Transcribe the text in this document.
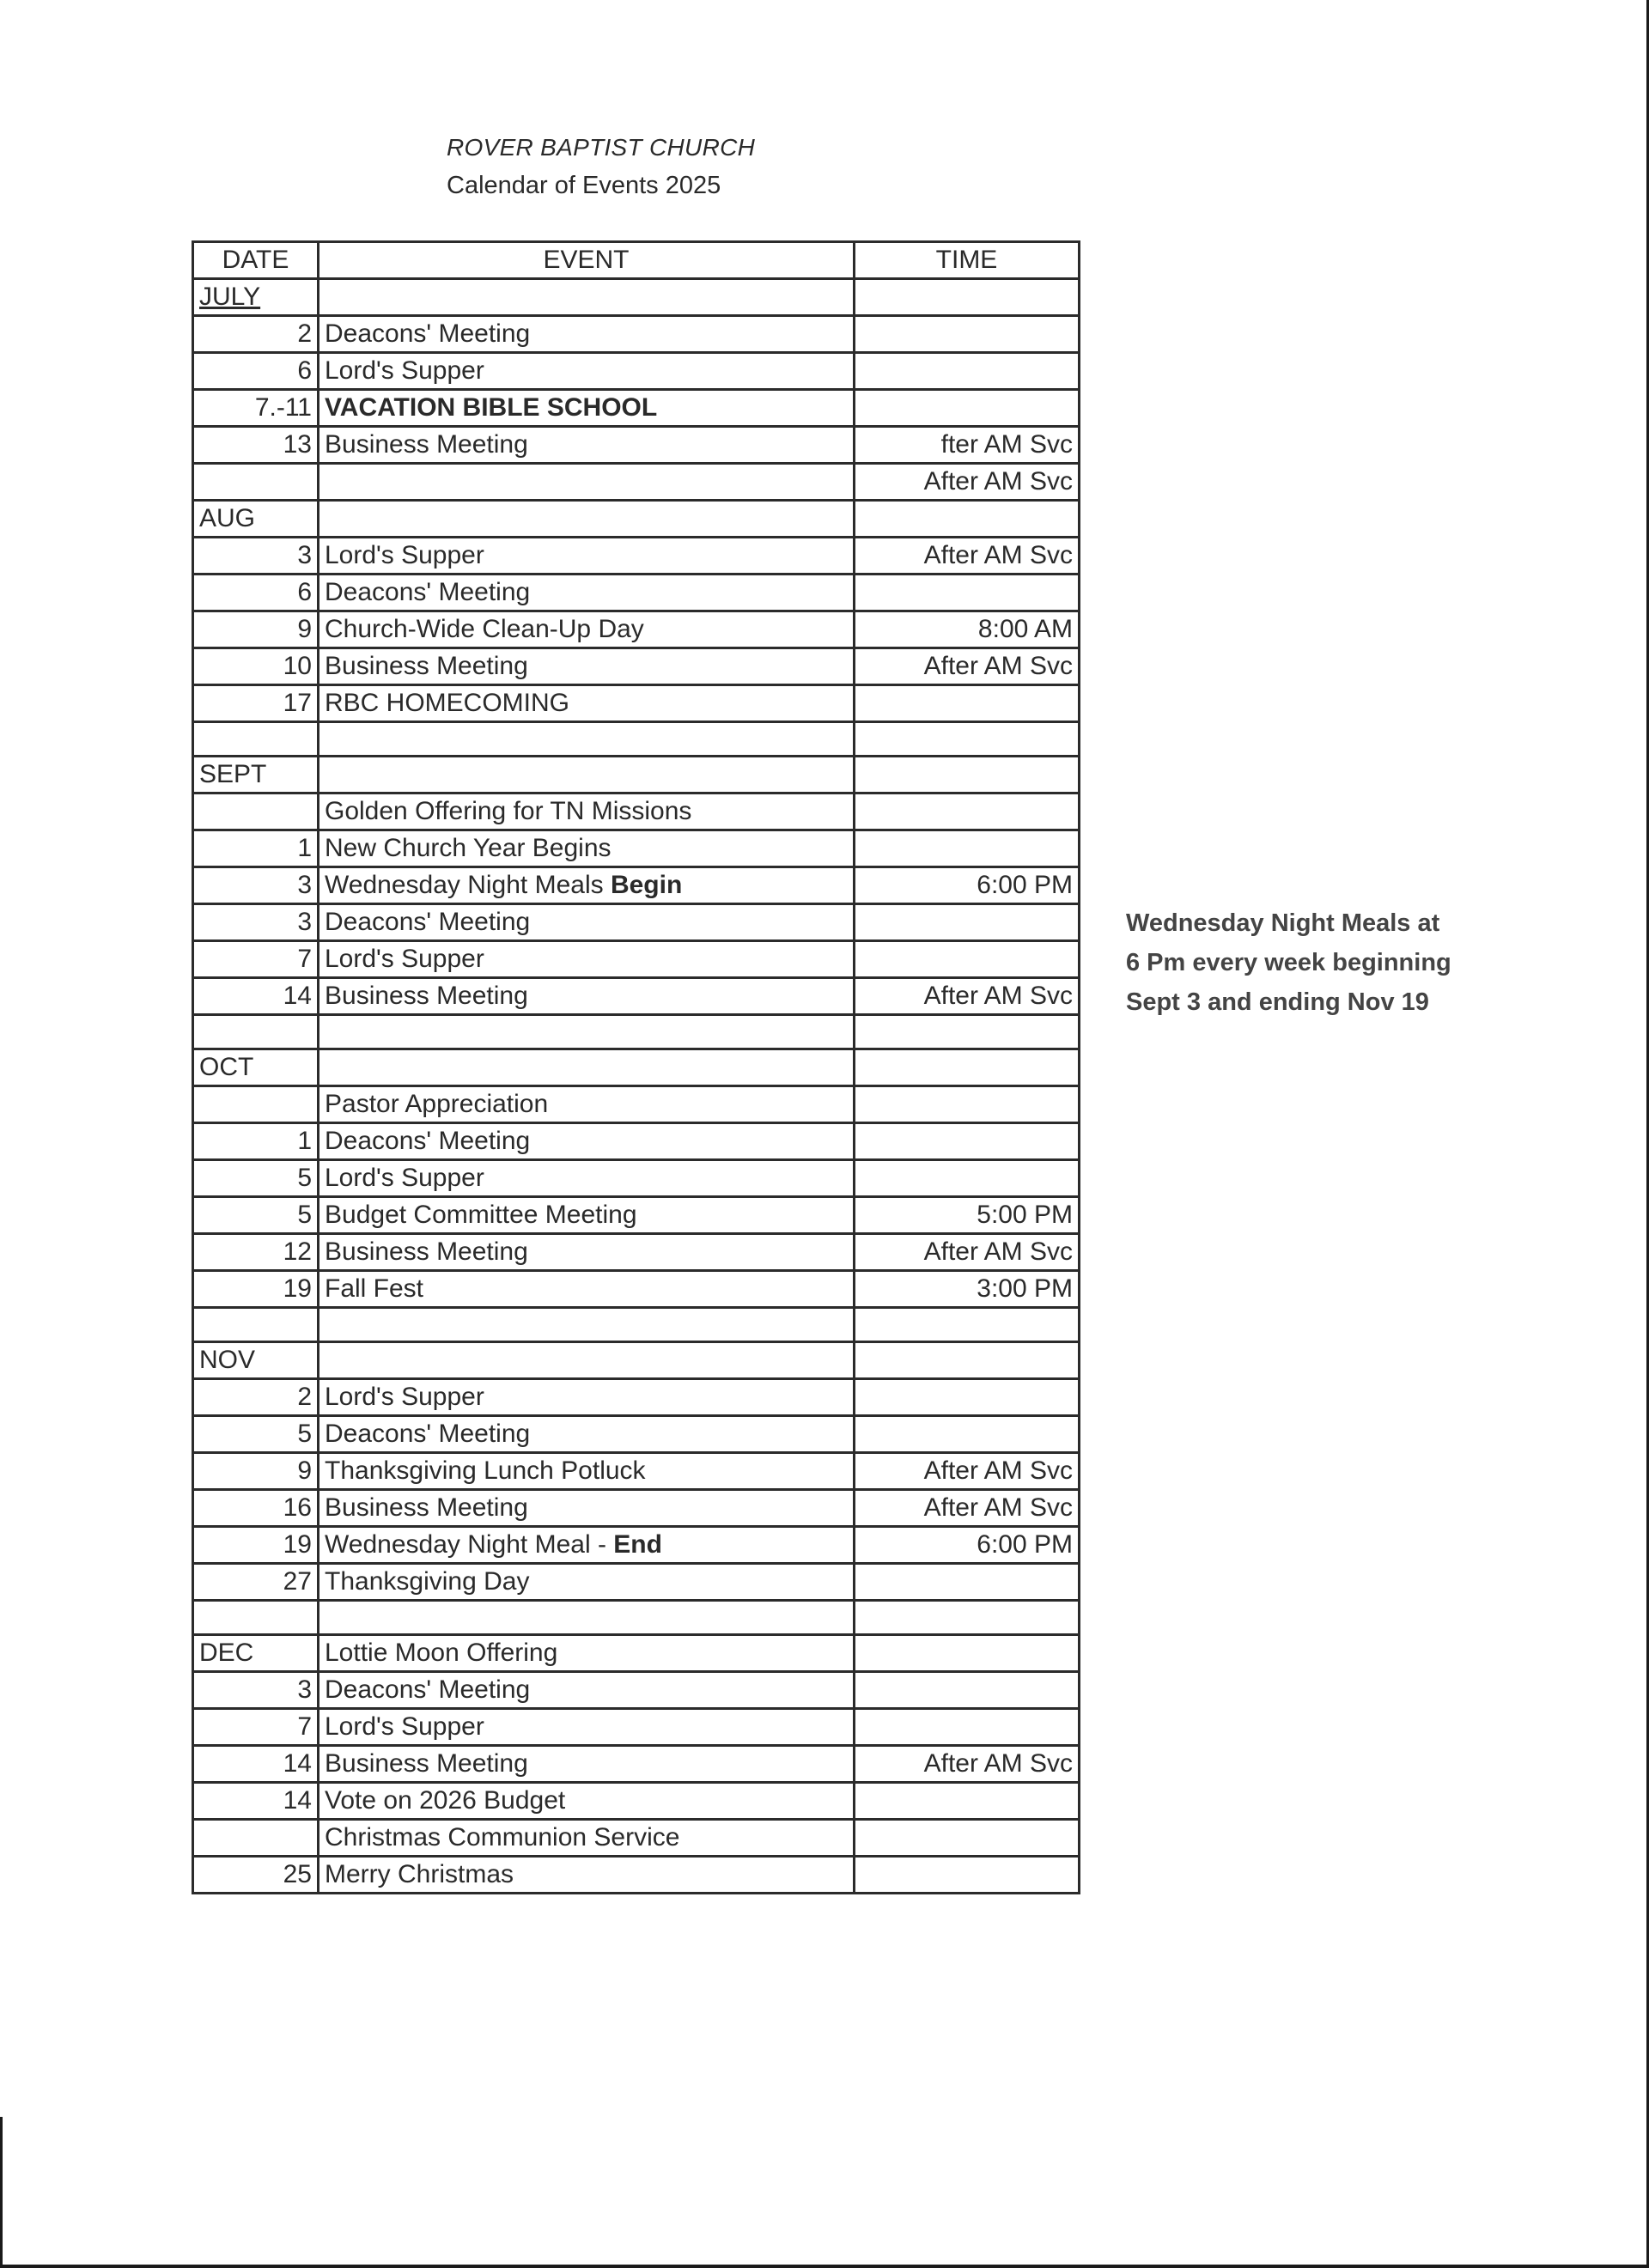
ROVER BAPTIST CHURCH
Calendar of Events 2025
DATE	EVENT	TIME
JULY		
2	Deacons' Meeting	
6	Lord's Supper	
7.-11	VACATION BIBLE SCHOOL	
13	Business Meeting	fter AM Svc
		After AM Svc
AUG		
3	Lord's Supper	After AM Svc
6	Deacons' Meeting	
9	Church-Wide Clean-Up Day	8:00 AM
10	Business Meeting	After AM Svc
17	RBC HOMECOMING	

SEPT		
	Golden Offering for TN Missions	
1	New Church Year Begins	
3	Wednesday Night Meals Begin	6:00 PM
3	Deacons' Meeting	
7	Lord's Supper	
14	Business Meeting	After AM Svc

OCT		
	Pastor Appreciation	
1	Deacons' Meeting	
5	Lord's Supper	
5	Budget Committee Meeting	5:00 PM
12	Business Meeting	After AM Svc
19	Fall Fest	3:00 PM

NOV		
2	Lord's Supper	
5	Deacons' Meeting	
9	Thanksgiving Lunch Potluck	After AM Svc
16	Business Meeting	After AM Svc
19	Wednesday Night Meal - End	6:00 PM
27	Thanksgiving Day	

DEC	Lottie Moon Offering	
3	Deacons' Meeting	
7	Lord's Supper	
14	Business Meeting	After AM Svc
14	Vote on 2026 Budget	
	Christmas Communion Service	
25	Merry Christmas	
Wednesday Night Meals at
6 Pm every week beginning
Sept 3 and ending Nov 19
